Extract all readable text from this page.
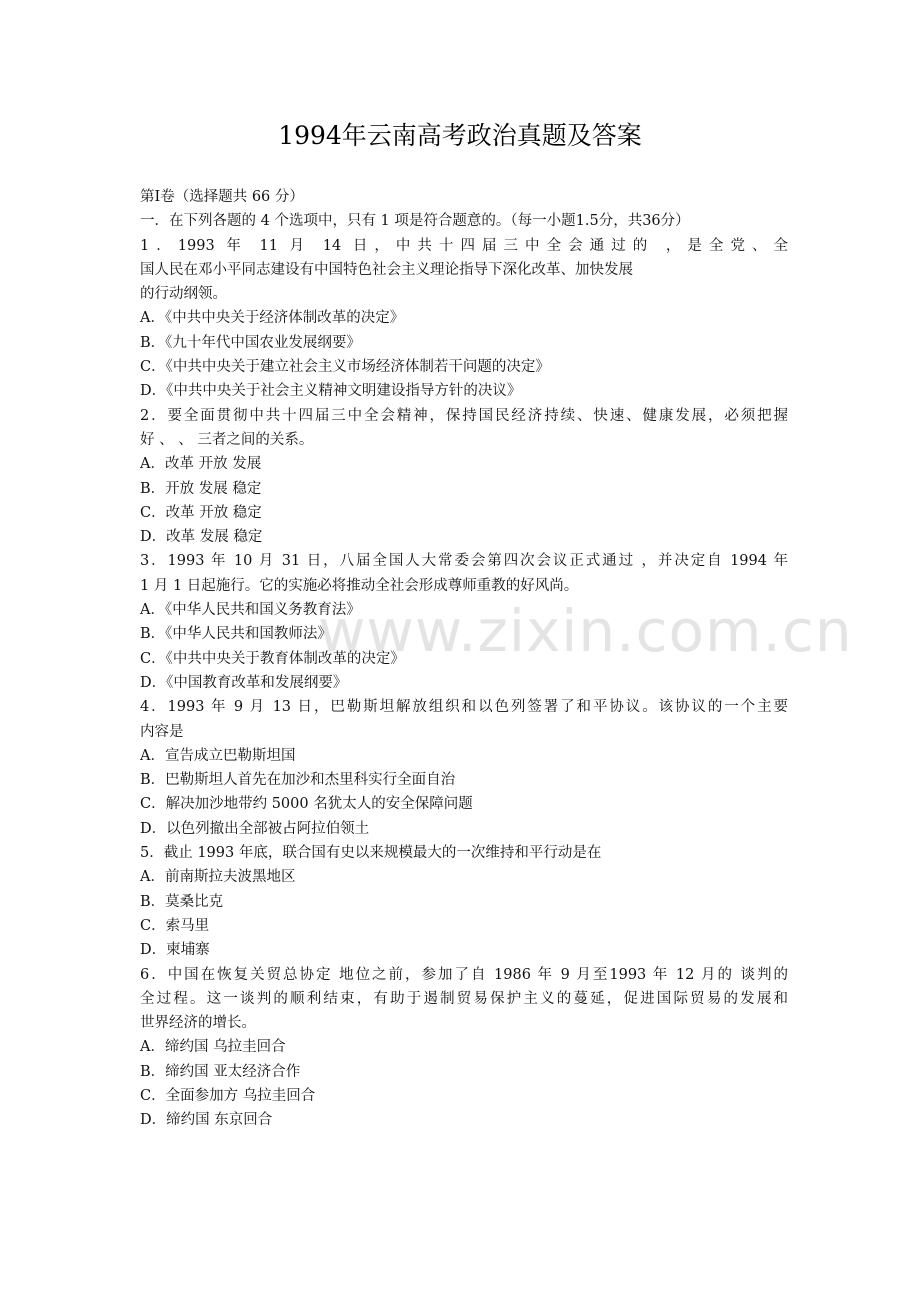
1994年云南高考政治真题及答案
www.zixin.com.cn
第Ⅰ卷（选择题共 66 分）
一．在下列各题的 4 个选项中，只有 1 项是符合题意的。（每一小题1.5分，共36分）
1．1993 年 11 月 14 日，中共十四届三中全会通过的 ，是全党、全
国人民在邓小平同志建设有中国特色社会主义理论指导下深化改革、加快发展
的行动纲领。
A．《中共中央关于经济体制改革的决定》
B．《九十年代中国农业发展纲要》
C．《中共中央关于建立社会主义市场经济体制若干问题的决定》
D．《中共中央关于社会主义精神文明建设指导方针的决议》
2．要全面贯彻中共十四届三中全会精神，保持国民经济持续、快速、健康发展，必须把握
好 、 、 三者之间的关系。
A．改革 开放 发展
B．开放 发展 稳定
C．改革 开放 稳定
D．改革 发展 稳定
3．1993 年 10 月 31 日，八届全国人大常委会第四次会议正式通过 ，并决定自 1994 年
1 月 1 日起施行。它的实施必将推动全社会形成尊师重教的好风尚。
A．《中华人民共和国义务教育法》
B．《中华人民共和国教师法》
C．《中共中央关于教育体制改革的决定》
D．《中国教育改革和发展纲要》
4．1993 年 9 月 13 日，巴勒斯坦解放组织和以色列签署了和平协议。该协议的一个主要
内容是
A．宣告成立巴勒斯坦国
B．巴勒斯坦人首先在加沙和杰里科实行全面自治
C．解决加沙地带约 5000 名犹太人的安全保障问题
D．以色列撤出全部被占阿拉伯领土
5．截止 1993 年底，联合国有史以来规模最大的一次维持和平行动是在
A．前南斯拉夫波黑地区
B．莫桑比克
C．索马里
D．柬埔寨
6．中国在恢复关贸总协定 地位之前，参加了自 1986 年 9 月至1993 年 12 月的 谈判的
全过程。这一谈判的顺利结束，有助于遏制贸易保护主义的蔓延，促进国际贸易的发展和
世界经济的增长。
A．缔约国 乌拉圭回合
B．缔约国 亚太经济合作
C．全面参加方 乌拉圭回合
D．缔约国 东京回合
